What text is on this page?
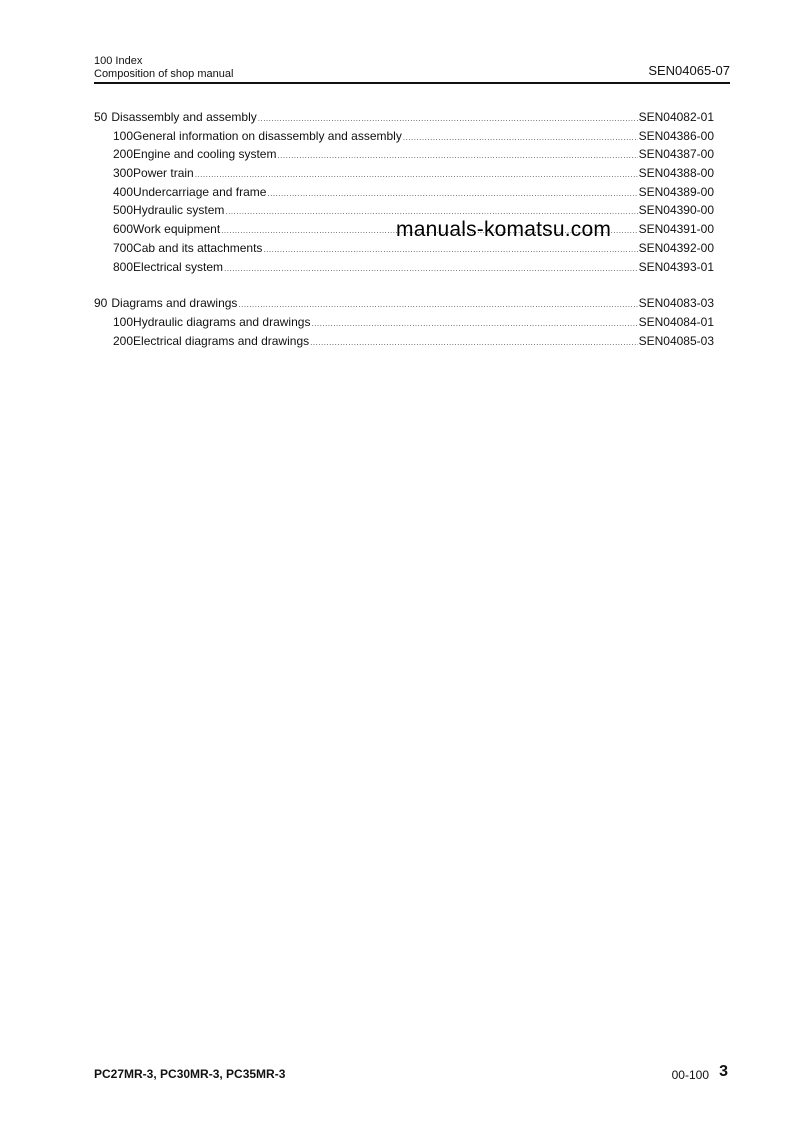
100 Index
Composition of shop manual	SEN04065-07
50 Disassembly and assembly .....	SEN04082-01
100 General information on disassembly and assembly .....	SEN04386-00
200 Engine and cooling system .....	SEN04387-00
300 Power train .....	SEN04388-00
400 Undercarriage and frame .....	SEN04389-00
500 Hydraulic system .....	SEN04390-00
600 Work equipment .....	SEN04391-00
700 Cab and its attachments .....	SEN04392-00
800 Electrical system .....	SEN04393-01
90 Diagrams and drawings .....	SEN04083-03
100 Hydraulic diagrams and drawings .....	SEN04084-01
200 Electrical diagrams and drawings .....	SEN04085-03
manuals-komatsu.com
PC27MR-3, PC30MR-3, PC35MR-3	00-100 3
